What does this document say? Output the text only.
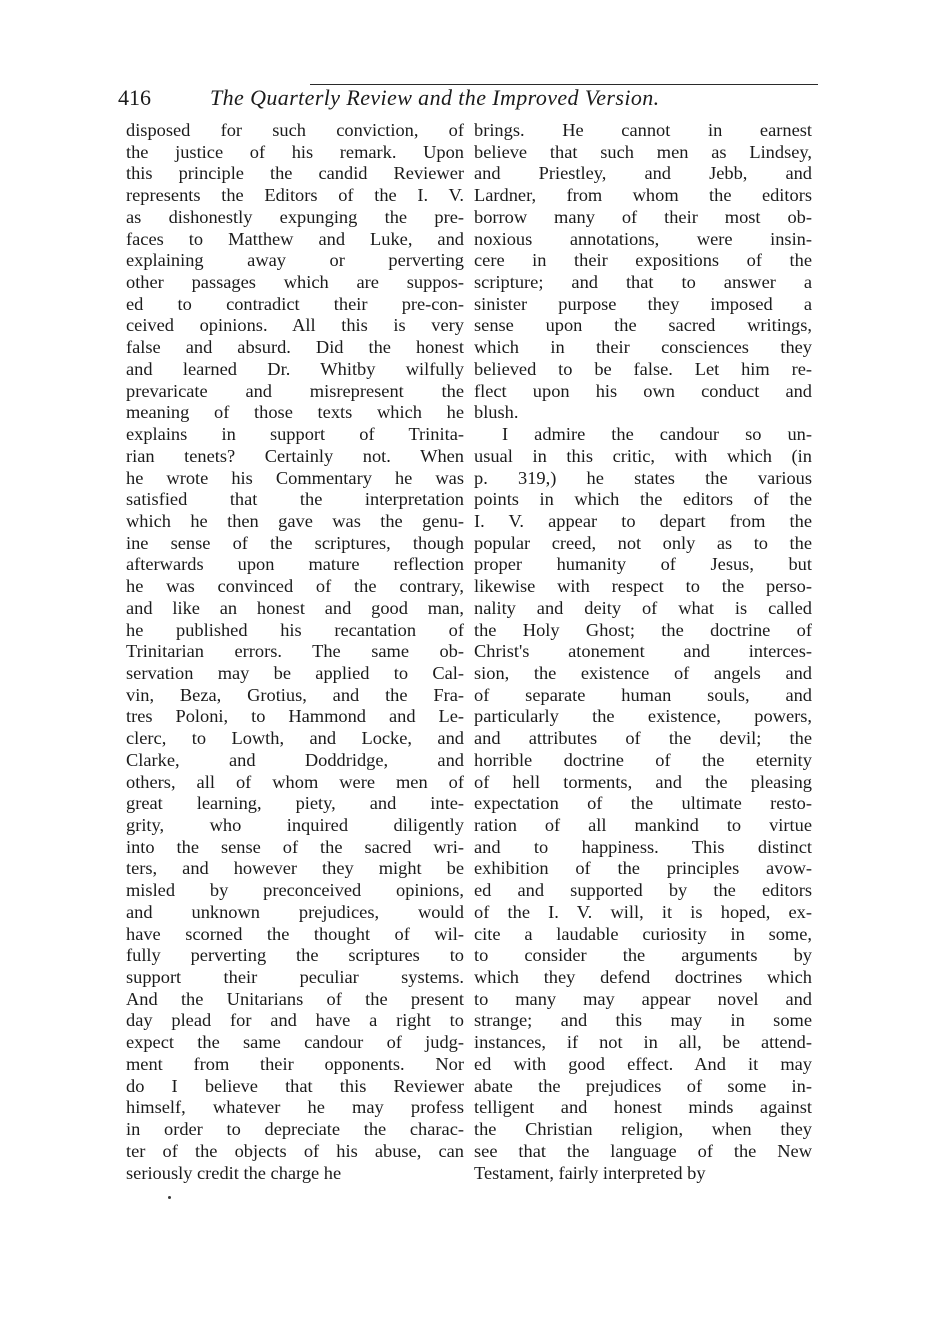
416	The Quarterly Review and the Improved Version.
disposed for such conviction, of
the justice of his remark. Upon
this principle the candid Reviewer
represents the Editors of the I. V.
as dishonestly expunging the pre-
faces to Matthew and Luke, and
explaining away or perverting
other passages which are suppos-
ed to contradict their pre-con-
ceived opinions. All this is very
false and absurd. Did the honest
and learned Dr. Whitby wilfully
prevaricate and misrepresent the
meaning of those texts which he
explains in support of Trinita-
rian tenets? Certainly not. When
he wrote his Commentary he was
satisfied that the interpretation
which he then gave was the genu-
ine sense of the scriptures, though
afterwards upon mature reflection
he was convinced of the contrary,
and like an honest and good man,
he published his recantation of
Trinitarian errors. The same ob-
servation may be applied to Cal-
vin, Beza, Grotius, and the Fra-
tres Poloni, to Hammond and Le-
clerc, to Lowth, and Locke, and
Clarke, and Doddridge, and
others, all of whom were men of
great learning, piety, and inte-
grity, who inquired diligently
into the sense of the sacred wri-
ters, and however they might be
misled by preconceived opinions,
and unknown prejudices, would
have scorned the thought of wil-
fully perverting the scriptures to
support their peculiar systems.
And the Unitarians of the present
day plead for and have a right to
expect the same candour of judg-
ment from their opponents. Nor
do I believe that this Reviewer
himself, whatever he may profess
in order to depreciate the charac-
ter of the objects of his abuse, can
seriously credit the charge he
brings. He cannot in earnest
believe that such men as Lindsey,
and Priestley, and Jebb, and
Lardner, from whom the editors
borrow many of their most ob-
noxious annotations, were insin-
cere in their expositions of the
scripture; and that to answer a
sinister purpose they imposed a
sense upon the sacred writings,
which in their consciences they
believed to be false. Let him re-
flect upon his own conduct and
blush.
I admire the candour so un-
usual in this critic, with which (in
p. 319,) he states the various
points in which the editors of the
I. V. appear to depart from the
popular creed, not only as to the
proper humanity of Jesus, but
likewise with respect to the perso-
nality and deity of what is called
the Holy Ghost; the doctrine of
Christ's atonement and interces-
sion, the existence of angels and
of separate human souls, and
particularly the existence, powers,
and attributes of the devil; the
horrible doctrine of the eternity
of hell torments, and the pleasing
expectation of the ultimate resto-
ration of all mankind to virtue
and to happiness. This distinct
exhibition of the principles avow-
ed and supported by the editors
of the I. V. will, it is hoped, ex-
cite a laudable curiosity in some,
to consider the arguments by
which they defend doctrines which
to many may appear novel and
strange; and this may in some
instances, if not in all, be attend-
ed with good effect. And it may
abate the prejudices of some in-
telligent and honest minds against
the Christian religion, when they
see that the language of the New
Testament, fairly interpreted by
